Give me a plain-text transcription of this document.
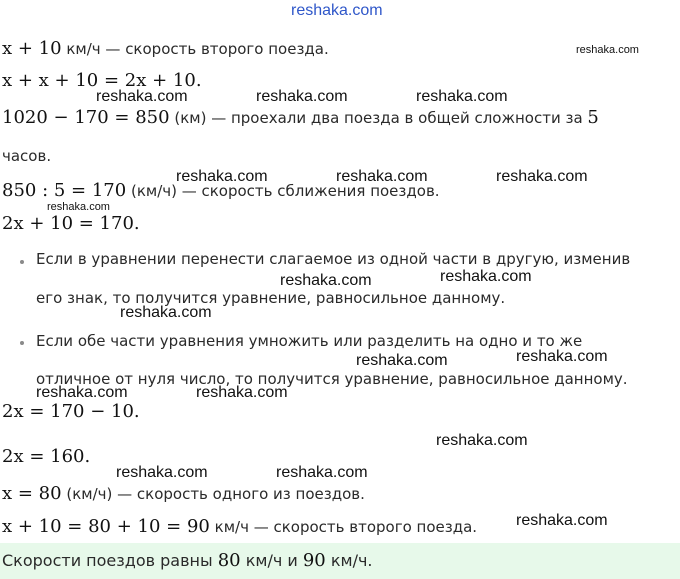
reshaka.com
x + 10 км/ч — скорость второго поезда.	reshaka.com
x + x + 10 = 2x + 10.
reshaka.com	reshaka.com	reshaka.com
1020 − 170 = 850 (км) — проехали два поезда в общей сложности за 5
часов.
reshaka.com	reshaka.com	reshaka.com
850 : 5 = 170 (км/ч) — скорость сближения поездов.
reshaka.com
2x + 10 = 170.
Если в уравнении перенести слагаемое из одной части в другую, изменив
reshaka.com
reshaka.com
его знак, то получится уравнение, равносильное данному.
reshaka.com
Если обе части уравнения умножить или разделить на одно и то же
reshaka.com
reshaka.com
отличное от нуля число, то получится уравнение, равносильное данному.
reshaka.com	reshaka.com
2x = 170 − 10.
reshaka.com
2x = 160.
reshaka.com	reshaka.com
x = 80 (км/ч) — скорость одного из поездов.
x + 10 = 80 + 10 = 90 км/ч — скорость второго поезда. reshaka.com
Скорости поездов равны 80 км/ч и 90 км/ч.
